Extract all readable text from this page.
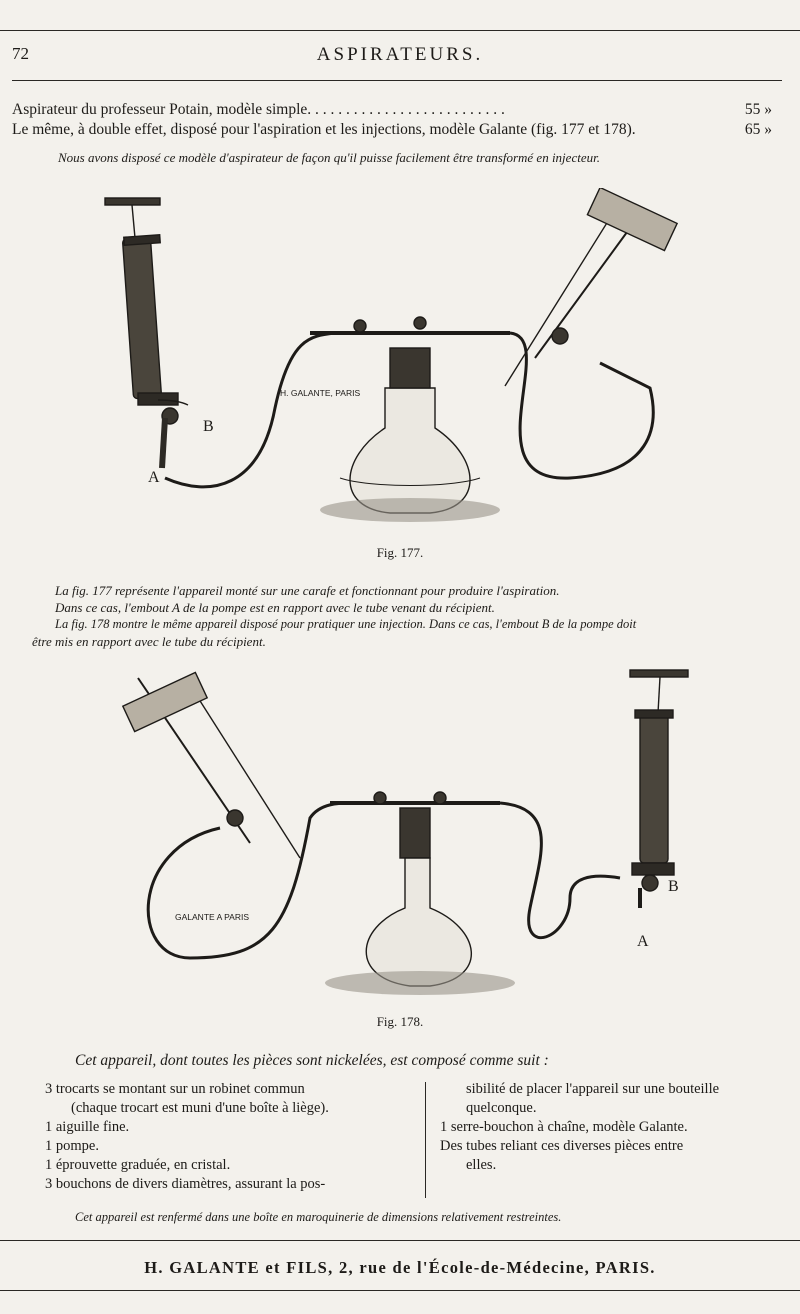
72	ASPIRATEURS.
Aspirateur du professeur Potain, modèle simple. . . . . . . . . . . . . . . . . . . . . . . . . .	55 »
Le même, à double effet, disposé pour l'aspiration et les injections, modèle Galante (fig. 177 et 178).	65 »
Nous avons disposé ce modèle d'aspirateur de façon qu'il puisse facilement être transformé en injecteur.
H. GALANTE, PARIS
A
B
Fig. 177.
La fig. 177 représente l'appareil monté sur une carafe et fonctionnant pour produire l'aspiration.
Dans ce cas, l'embout A de la pompe est en rapport avec le tube venant du récipient.
La fig. 178 montre le même appareil disposé pour pratiquer une injection. Dans ce cas, l'embout B de la pompe doit
être mis en rapport avec le tube du récipient.
GALANTE A PARIS
A
B
Fig. 178.
Cet appareil, dont toutes les pièces sont nickelées, est composé comme suit :
3 trocarts se montant sur un robinet commun
(chaque trocart est muni d'une boîte à liège).
1 aiguille fine.
1 pompe.
1 éprouvette graduée, en cristal.
3 bouchons de divers diamètres, assurant la pos-
sibilité de placer l'appareil sur une bouteille
quelconque.
1 serre-bouchon à chaîne, modèle Galante.
Des tubes reliant ces diverses pièces entre
elles.
Cet appareil est renfermé dans une boîte en maroquinerie de dimensions relativement restreintes.
H. GALANTE et FILS, 2, rue de l'École-de-Médecine, PARIS.
